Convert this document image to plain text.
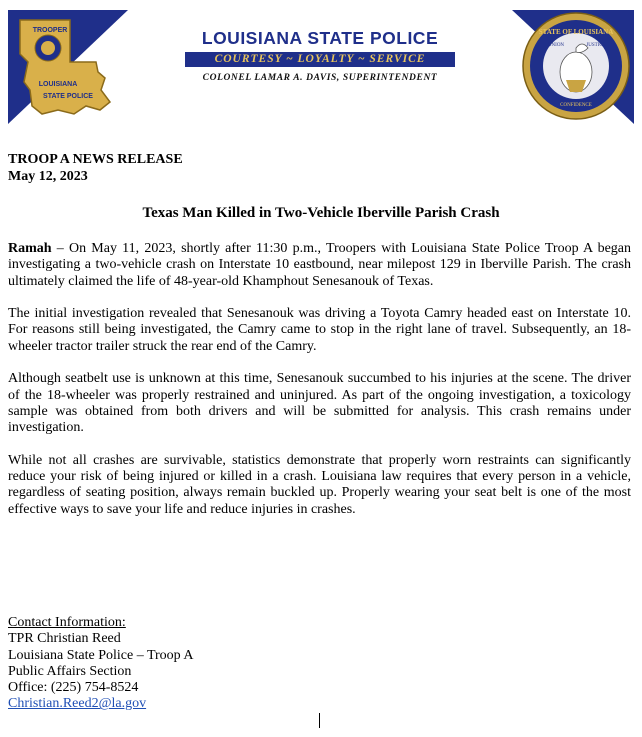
TROOPER
LOUISIANA
STATE POLICE
LOUISIANA STATE POLICE
COURTESY ~ LOYALTY ~ SERVICE
COLONEL LAMAR A. DAVIS, SUPERINTENDENT
STATE OF LOUISIANA
UNION	JUSTICE
CONFIDENCE
TROOP A NEWS RELEASE
May 12, 2023
Texas Man Killed in Two-Vehicle Iberville Parish Crash

Ramah – On May 11, 2023, shortly after 11:30 p.m., Troopers with Louisiana State Police Troop A began investigating a two-vehicle crash on Interstate 10 eastbound, near milepost 129 in Iberville Parish. The crash ultimately claimed the life of 48-year-old Khamphout Senesanouk of Texas.

The initial investigation revealed that Senesanouk was driving a Toyota Camry headed east on Interstate 10. For reasons still being investigated, the Camry came to stop in the right lane of travel. Subsequently, an 18-wheeler tractor trailer struck the rear end of the Camry.

Although seatbelt use is unknown at this time, Senesanouk succumbed to his injuries at the scene. The driver of the 18-wheeler was properly restrained and uninjured. As part of the ongoing investigation, a toxicology sample was obtained from both drivers and will be submitted for analysis. This crash remains under investigation.

While not all crashes are survivable, statistics demonstrate that properly worn restraints can significantly reduce your risk of being injured or killed in a crash. Louisiana law requires that every person in a vehicle, regardless of seating position, always remain buckled up. Properly wearing your seat belt is one of the most effective ways to save your life and reduce injuries in crashes.

Contact Information:
TPR Christian Reed
Louisiana State Police – Troop A
Public Affairs Section
Office: (225) 754-8524
Christian.Reed2@la.gov
